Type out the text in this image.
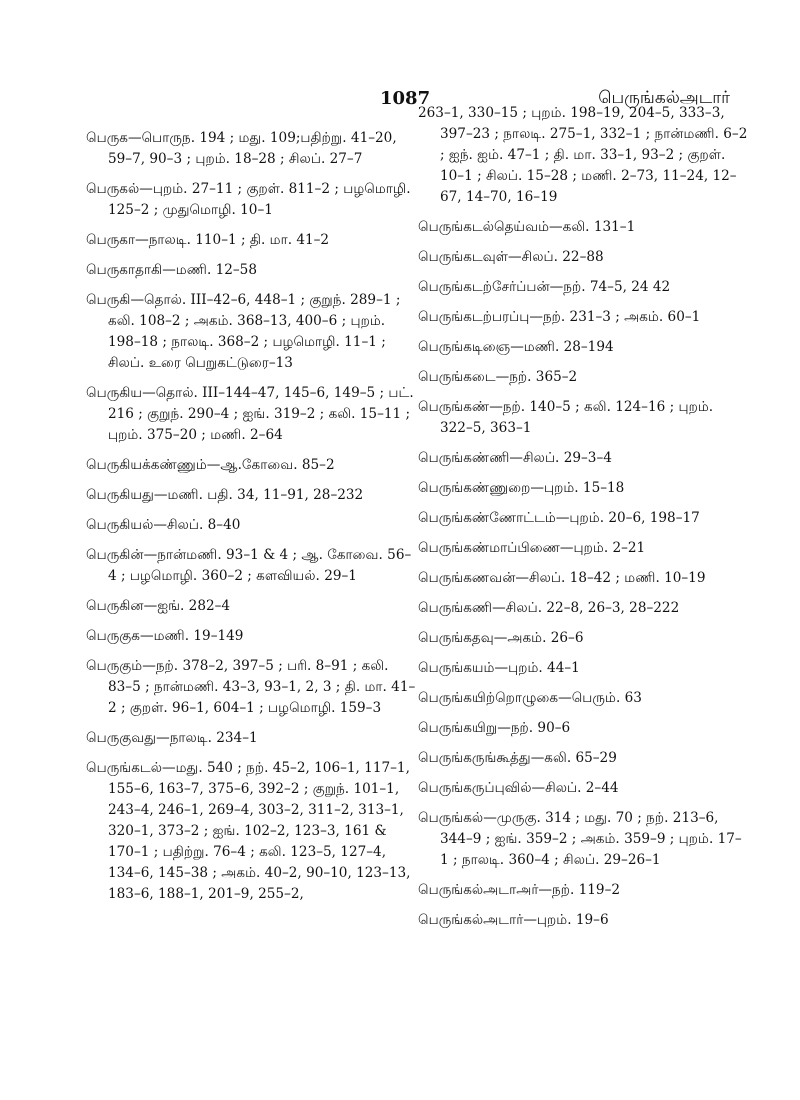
1087	பெருங்கல்அடார்
பெருக—பொருந. 194 ; மது. 109;பதிற்று. 41–20, 59–7, 90–3 ; புறம். 18–28 ; சிலப். 27–7
பெருகல்—புறம். 27–11 ; குறள். 811–2 ; பழமொழி. 125–2 ; முதுமொழி. 10–1
பெருகா—நாலடி. 110–1 ; தி. மா. 41–2
பெருகாதாகி—மணி. 12–58
பெருகி—தொல். III–42–6, 448–1 ; குறுந். 289–1 ; கலி. 108–2 ; அகம். 368–13, 400–6 ; புறம். 198–18 ; நாலடி. 368–2 ; பழமொழி. 11–1 ; சிலப். உரை பெறுகட்டுரை–13
பெருகிய—தொல். III–144–47, 145–6, 149–5 ; பட். 216 ; குறுந். 290–4 ; ஐங். 319–2 ; கலி. 15–11 ; புறம். 375–20 ; மணி. 2–64
பெருகியக்கண்ணும்—ஆ.கோவை. 85–2
பெருகியது—மணி. பதி. 34, 11–91, 28–232
பெருகியல்—சிலப். 8–40
பெருகின்—நான்மணி. 93–1 & 4 ; ஆ. கோவை. 56–4 ; பழமொழி. 360–2 ; களவியல். 29–1
பெருகின—ஐங். 282–4
பெருகுக—மணி. 19–149
பெருகும்—நற். 378–2, 397–5 ; பரி. 8–91 ; கலி. 83–5 ; நான்மணி. 43–3, 93–1, 2, 3 ; தி. மா. 41–2 ; குறள். 96–1, 604–1 ; பழமொழி. 159–3
பெருகுவது—நாலடி. 234–1
பெருங்கடல்—மது. 540 ; நற். 45–2, 106–1, 117–1, 155–6, 163–7, 375–6, 392–2 ; குறுந். 101–1, 243–4, 246–1, 269–4, 303–2, 311–2, 313–1, 320–1, 373–2 ; ஐங். 102–2, 123–3, 161 & 170–1 ; பதிற்று. 76–4 ; கலி. 123–5, 127–4, 134–6, 145–38 ; அகம். 40–2, 90–10, 123–13, 183–6, 188–1, 201–9, 255–2,
263–1, 330–15 ; புறம். 198–19, 204–5, 333–3, 397–23 ; நாலடி. 275–1, 332–1 ; நான்மணி. 6–2 ; ஐந். ஐம். 47–1 ; தி. மா. 33–1, 93–2 ; குறள். 10–1 ; சிலப். 15–28 ; மணி. 2–73, 11–24, 12–67, 14–70, 16–19
பெருங்கடல்தெய்வம்—கலி. 131–1
பெருங்கடவுள்—சிலப். 22–88
பெருங்கடற்சேர்ப்பன்—நற். 74–5, 24 42
பெருங்கடற்பரப்பு—நற். 231–3 ; அகம். 60–1
பெருங்கடிஞை—மணி. 28–194
பெருங்கடை—நற். 365–2
பெருங்கண்—நற். 140–5 ; கலி. 124–16 ; புறம். 322–5, 363–1
பெருங்கண்ணி—சிலப். 29–3–4
பெருங்கண்ணுறை—புறம். 15–18
பெருங்கண்ணோட்டம்—புறம். 20–6, 198–17
பெருங்கண்மாப்பிணை—புறம். 2–21
பெருங்கணவன்—சிலப். 18–42 ; மணி. 10–19
பெருங்கணி—சிலப். 22–8, 26–3, 28–222
பெருங்கதவு—அகம். 26–6
பெருங்கயம்—புறம். 44–1
பெருங்கயிற்றொழுகை—பெரும். 63
பெருங்கயிறு—நற். 90–6
பெருங்கருங்கூத்து—கலி. 65–29
பெருங்கருப்புவில்—சிலப். 2–44
பெருங்கல்—முருகு. 314 ; மது. 70 ; நற். 213–6, 344–9 ; ஐங். 359–2 ; அகம். 359–9 ; புறம். 17–1 ; நாலடி. 360–4 ; சிலப். 29–26–1
பெருங்கல்அடாஅர்—நற். 119–2
பெருங்கல்அடார்—புறம். 19–6
